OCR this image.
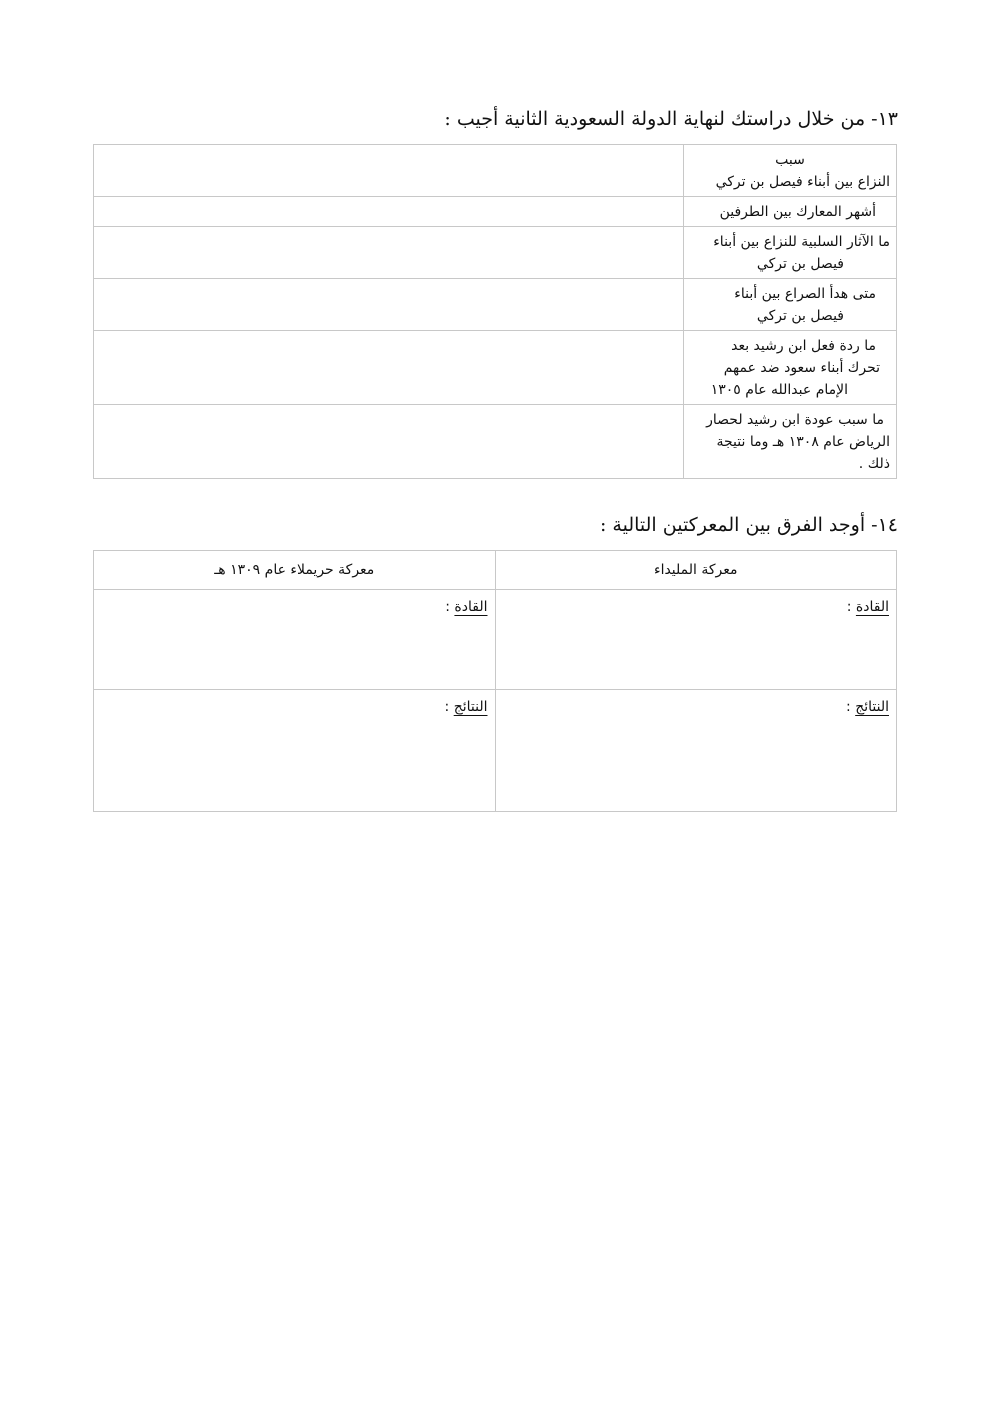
١٣- من خلال دراستك لنهاية الدولة السعودية الثانية أجيب :
سبب
النزاع بين أبناء فيصل بن تركي	

أشهر المعارك بين الطرفين	

ما الآثار السلبية للنزاع بين أبناء
فيصل بن تركي	

متى هدأ الصراع بين أبناء
فيصل بن تركي	

ما ردة فعل ابن رشيد بعد
تحرك أبناء سعود ضد عمهم
الإمام عبدالله عام ١٣٠٥	

ما سبب عودة ابن رشيد لحصار
الرياض عام ١٣٠٨ هـ وما نتيجة
ذلك .	

١٤- أوجد الفرق بين المعركتين التالية :
معركة المليداء	معركة حريملاء عام ١٣٠٩ هـ
القادة :	القادة :
النتائج :	النتائج :
